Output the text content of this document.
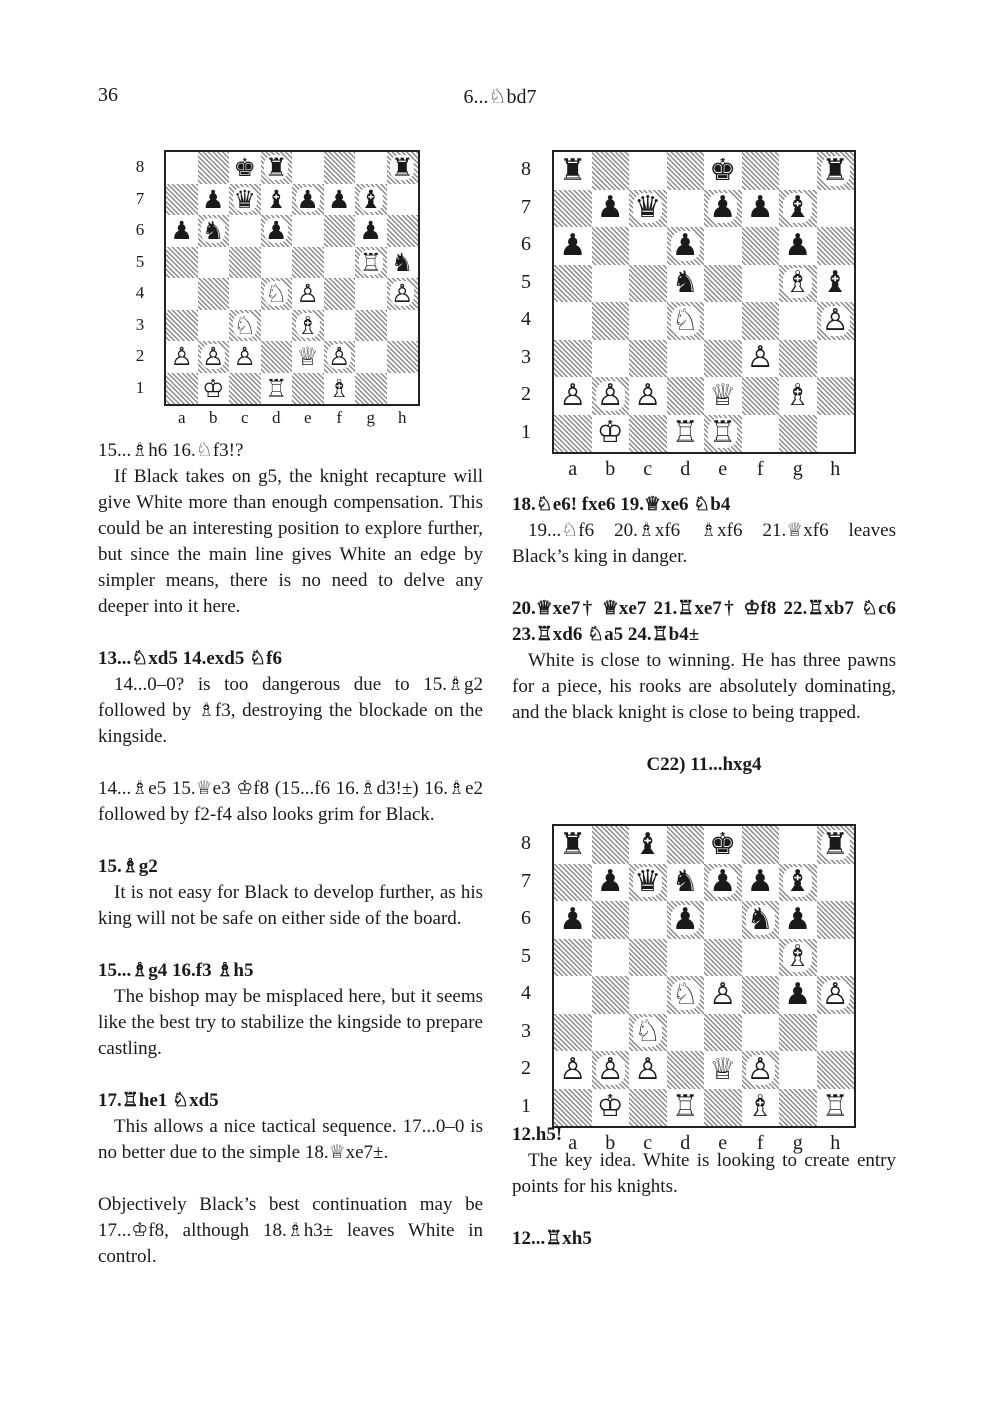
36	6...♘bd7
♚ ♜	♜
♟ ♛ ♝ ♟ ♟ ♝
♟ ♞ ♟	♟
♖ ♞
♘ ♙	♙
♘ ♗
♙ ♙ ♙ ♕ ♙
♔ ♖ ♗
8
7
6
5
4
3
2
1
a	b	c	d	e	f	g	h
♜	♚	♜
♟ ♛ ♟ ♟ ♝
♟	♟	♟
♞	♗ ♝
♘	♙
♙
♙ ♙ ♙ ♕ ♗
♔ ♖ ♖
8
7
6
5
4
3
2
1
a	b	c	d	e	f	g	h
♜ ♝ ♚	♜
♟ ♛ ♞ ♟ ♟ ♝
♟	♟ ♞ ♟
♗
♘ ♙ ♟ ♙
♘
♙ ♙ ♙ ♕ ♙
♔ ♖ ♗ ♖
8
7
6
5
4
3
2
1
a	b	c	d	e	f	g	h

15...♗h6 16.♘f3!?

If Black takes on g5, the knight recapture will give White more than enough compensation. This could be an interesting position to explore further, but since the main line gives White an edge by simpler means, there is no need to delve any deeper into it here.

13...♘xd5 14.exd5 ♘f6

14...0–0? is too dangerous due to 15.♗g2 followed by ♗f3, destroying the blockade on the kingside.

14...♗e5 15.♕e3 ♔f8 (15...f6 16.♗d3!±) 16.♗e2 followed by f2-f4 also looks grim for Black.

15.♗g2

It is not easy for Black to develop further, as his king will not be safe on either side of the board.

15...♗g4 16.f3 ♗h5

The bishop may be misplaced here, but it seems like the best try to stabilize the kingside to prepare castling.

17.♖he1 ♘xd5

This allows a nice tactical sequence. 17...0–0 is no better due to the simple 18.♕xe7±.

Objectively Black’s best continuation may be 17...♔f8, although 18.♗h3± leaves White in control.

18.♘e6! fxe6 19.♕xe6 ♘b4

19...♘f6 20.♗xf6 ♗xf6 21.♕xf6 leaves Black’s king in danger.

20.♕xe7† ♕xe7 21.♖xe7† ♔f8 22.♖xb7 ♘c6 23.♖xd6 ♘a5 24.♖b4±

White is close to winning. He has three pawns for a piece, his rooks are absolutely dominating, and the black knight is close to being trapped.

C22) 11...hxg4

12.h5!

The key idea. White is looking to create entry points for his knights.

12...♖xh5
